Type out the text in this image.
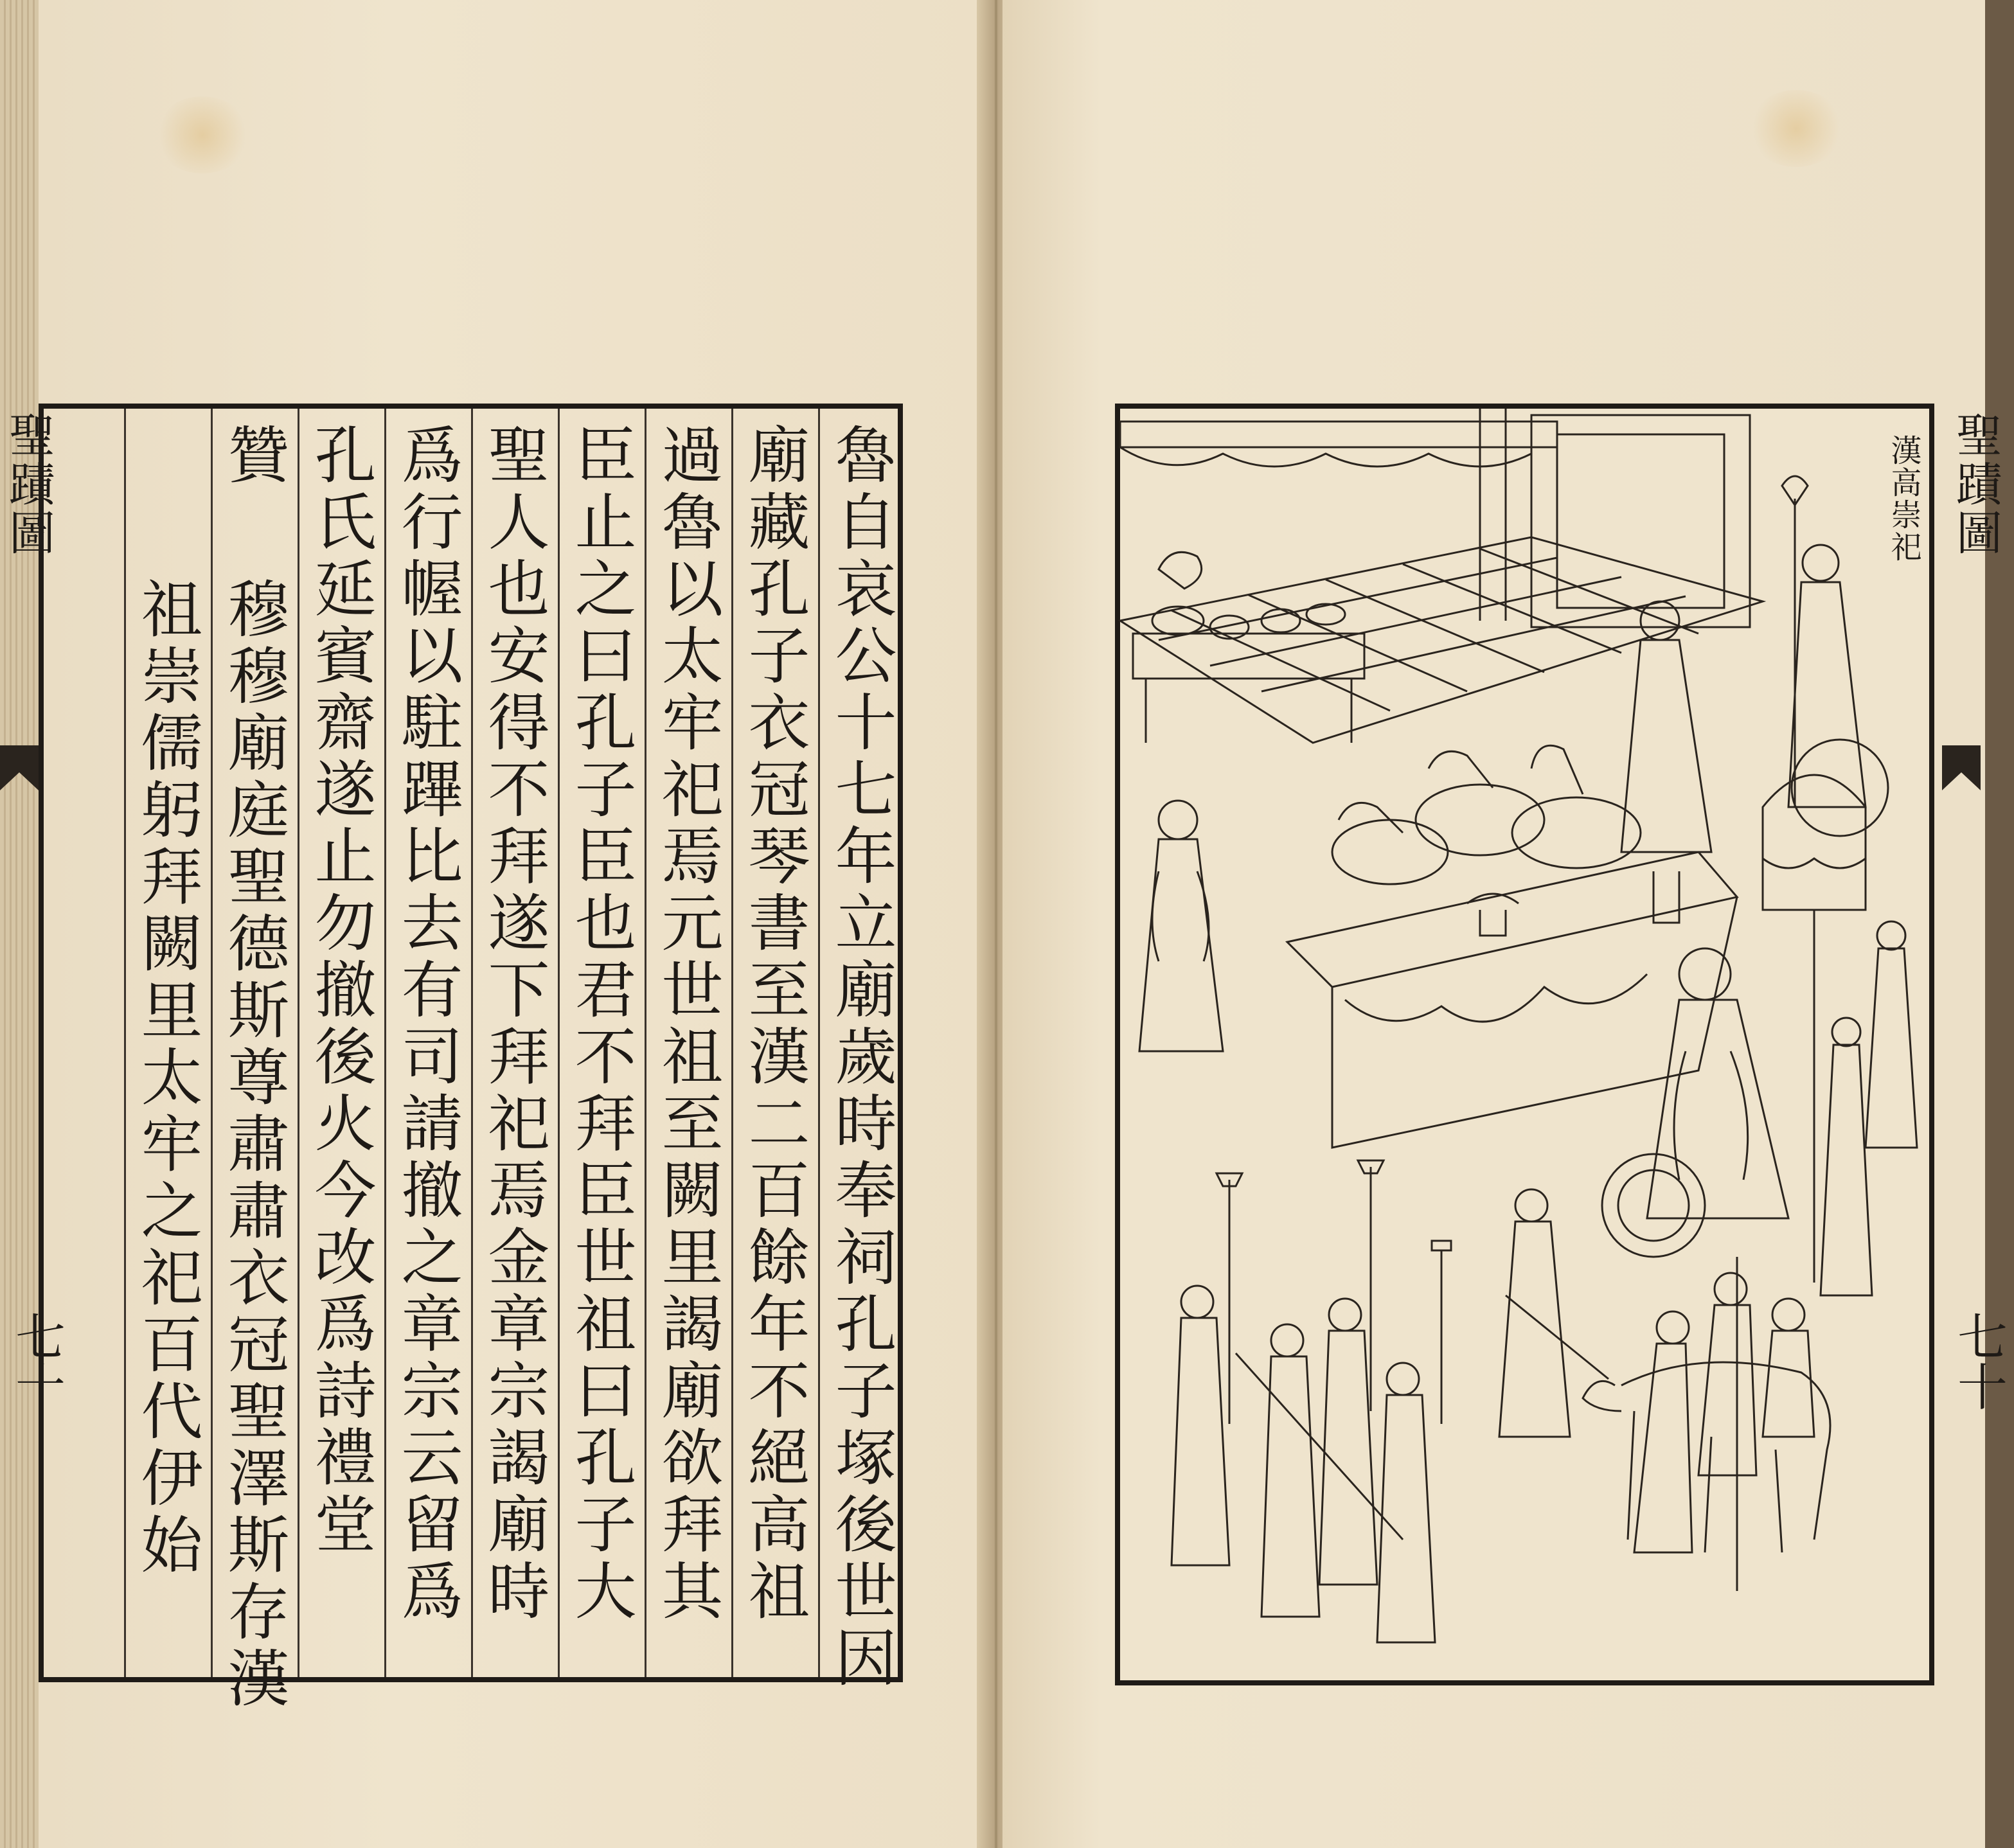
聖蹟圖
七十	魯自哀公十七年立廟歲時奉祠孔子塚後世因
廟藏孔子衣冠琴書至漢二百餘年不絕高祖
過魯以太牢祀焉元世祖至闕里謁廟欲拜其
臣止之曰孔子臣也君不拜臣世祖曰孔子大
聖人也安得不拜遂下拜祀焉金章宗謁廟時
爲行幄以駐蹕比去有司請撤之章宗云留爲
孔氏延賓齋遂止勿撤後火今改爲詩禮堂
贊
穆穆廟庭聖德斯尊肅肅衣冠聖澤斯存漢
祖崇儒躬拜闕里太牢之祀百代伊始
聖蹟圖
七十
漢高崇祀
